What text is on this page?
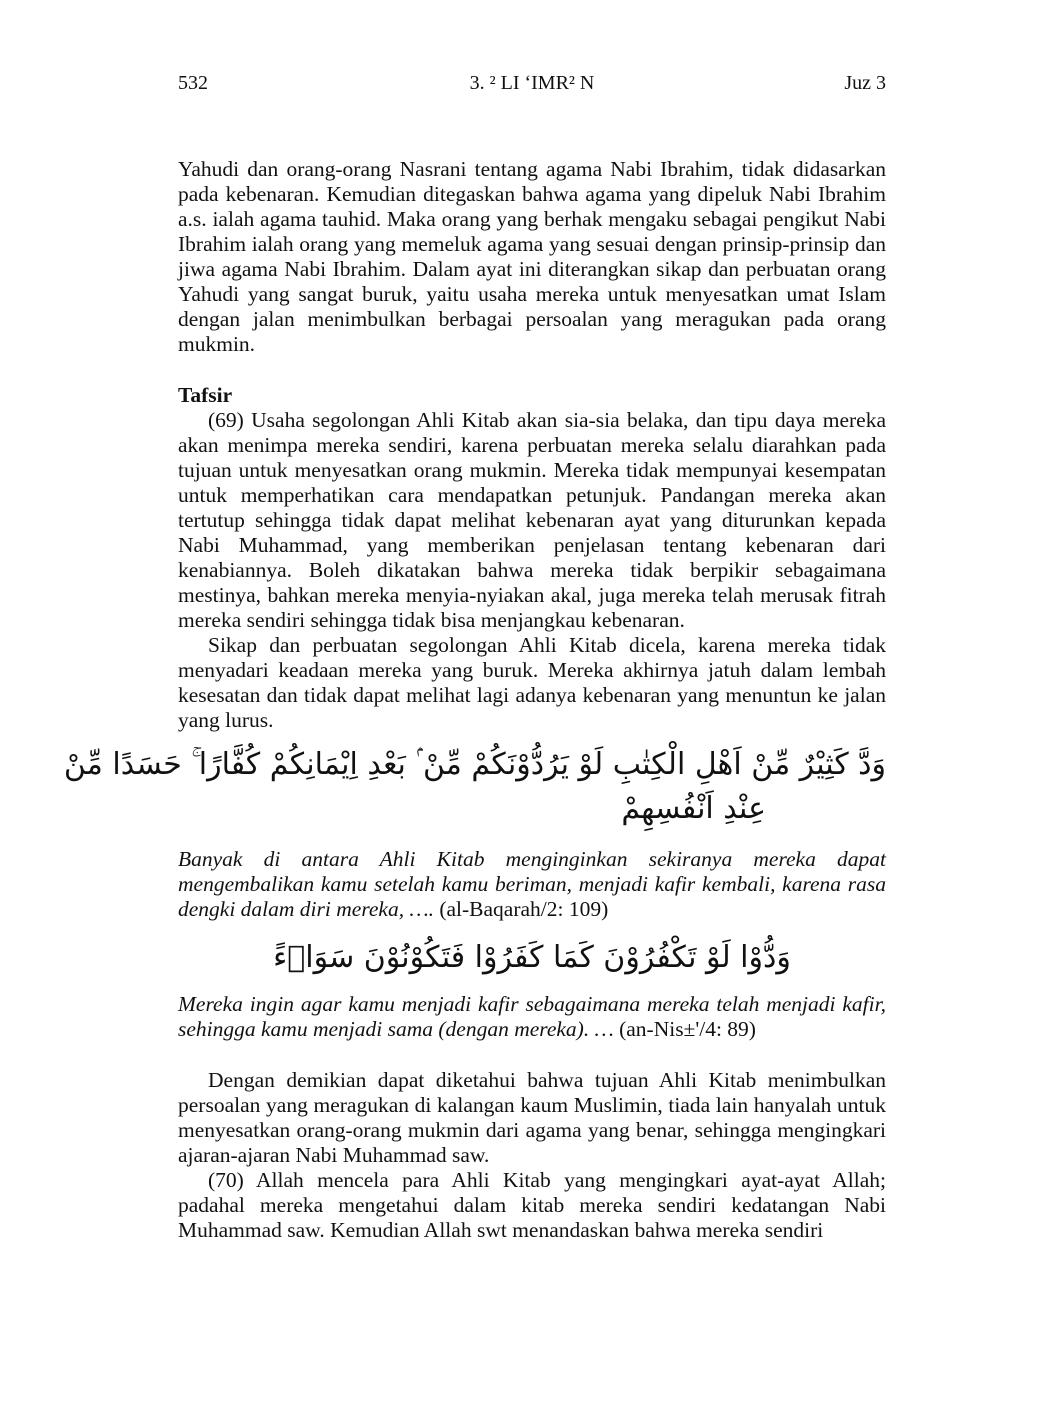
532	3. ² LI ‘IMR² N	Juz 3

Yahudi dan orang-orang Nasrani tentang agama Nabi Ibrahim, tidak didasarkan pada kebenaran. Kemudian ditegaskan bahwa agama yang dipeluk Nabi Ibrahim a.s. ialah agama tauhid. Maka orang yang berhak mengaku sebagai pengikut Nabi Ibrahim ialah orang yang memeluk agama yang sesuai dengan prinsip-prinsip dan jiwa agama Nabi Ibrahim. Dalam ayat ini diterangkan sikap dan perbuatan orang Yahudi yang sangat buruk, yaitu usaha mereka untuk menyesatkan umat Islam dengan jalan menimbulkan berbagai persoalan yang meragukan pada orang mukmin.

Tafsir

(69) Usaha segolongan Ahli Kitab akan sia-sia belaka, dan tipu daya mereka akan menimpa mereka sendiri, karena perbuatan mereka selalu diarahkan pada tujuan untuk menyesatkan orang mukmin. Mereka tidak mempunyai kesempatan untuk memperhatikan cara mendapatkan petunjuk. Pandangan mereka akan tertutup sehingga tidak dapat melihat kebenaran ayat yang diturunkan kepada Nabi Muhammad, yang memberikan penjelasan tentang kebenaran dari kenabiannya. Boleh dikatakan bahwa mereka tidak berpikir sebagaimana mestinya, bahkan mereka menyia-nyiakan akal, juga mereka telah merusak fitrah mereka sendiri sehingga tidak bisa menjangkau kebenaran.

Sikap dan perbuatan segolongan Ahli Kitab dicela, karena mereka tidak menyadari keadaan mereka yang buruk. Mereka akhirnya jatuh dalam lembah kesesatan dan tidak dapat melihat lagi adanya kebenaran yang menuntun ke jalan yang lurus.

وَدَّ كَثِيْرٌ مِّنْ اَهْلِ الْكِتٰبِ لَوْ يَرُدُّوْنَكُمْ مِّنْ ۢ بَعْدِ اِيْمَانِكُمْ كُفَّارًا ۚ حَسَدًا مِّنْ
عِنْدِ اَنْفُسِهِمْ

Banyak di antara Ahli Kitab menginginkan sekiranya mereka dapat mengembalikan kamu setelah kamu beriman, menjadi kafir kembali, karena rasa dengki dalam diri mereka, …. (al-Baqarah/2: 109)

وَدُّوْا لَوْ تَكْفُرُوْنَ كَمَا كَفَرُوْا فَتَكُوْنُوْنَ سَوَاۤءً

Mereka ingin agar kamu menjadi kafir sebagaimana mereka telah menjadi kafir, sehingga kamu menjadi sama (dengan mereka). … (an-Nis±'/4: 89)

Dengan demikian dapat diketahui bahwa tujuan Ahli Kitab menimbulkan persoalan yang meragukan di kalangan kaum Muslimin, tiada lain hanyalah untuk menyesatkan orang-orang mukmin dari agama yang benar, sehingga mengingkari ajaran-ajaran Nabi Muhammad saw.

(70) Allah mencela para Ahli Kitab yang mengingkari ayat-ayat Allah; padahal mereka mengetahui dalam kitab mereka sendiri kedatangan Nabi Muhammad saw. Kemudian Allah swt menandaskan bahwa mereka sendiri
